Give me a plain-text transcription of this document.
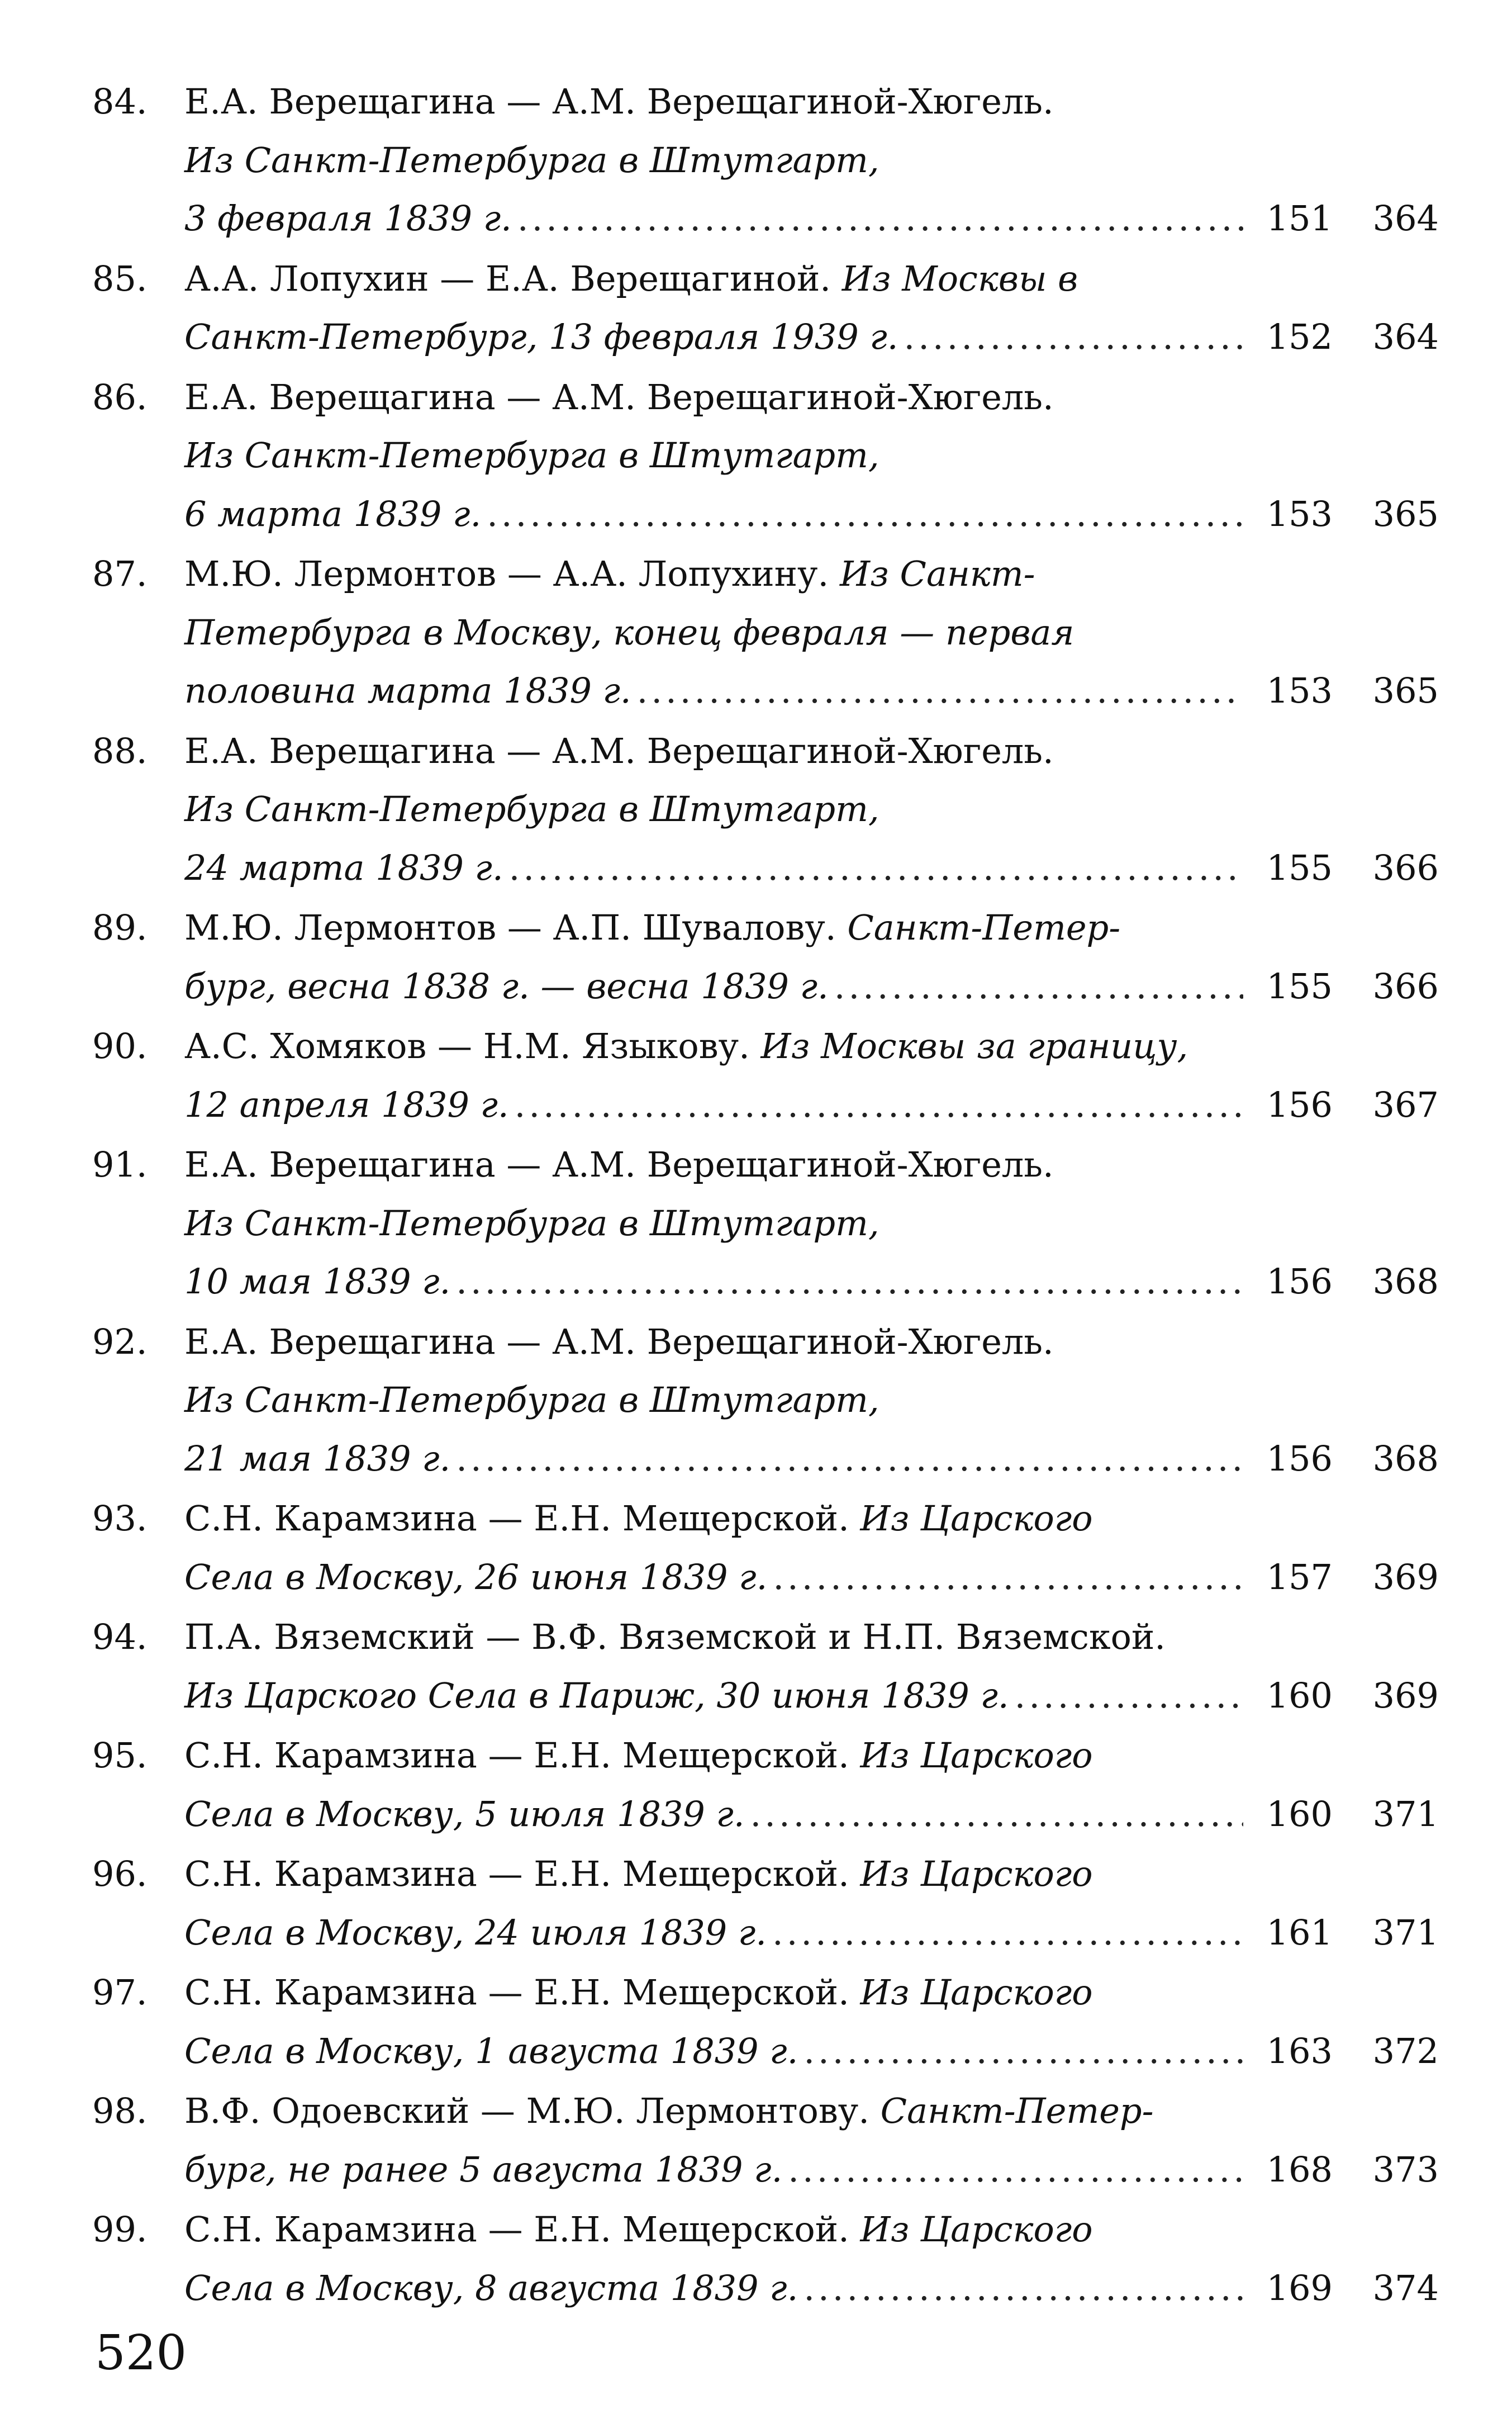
84.	Е.А. Верещагина — А.М. Верещагиной-Хюгель.
Из Санкт-Петербурга в Штутгарт,
3 февраля 1839 г. .....	151	364
85.	А.А. Лопухин — Е.А. Верещагиной. Из Москвы в
Санкт-Петербург, 13 февраля 1939 г. .....	152	364
86.	Е.А. Верещагина — А.М. Верещагиной-Хюгель.
Из Санкт-Петербурга в Штутгарт,
6 марта 1839 г. .....	153	365
87.	М.Ю. Лермонтов — А.А. Лопухину. Из Санкт-
Петербурга в Москву, конец февраля — первая
половина марта 1839 г. .....	153	365
88.	Е.А. Верещагина — А.М. Верещагиной-Хюгель.
Из Санкт-Петербурга в Штутгарт,
24 марта 1839 г. .....	155	366
89.	М.Ю. Лермонтов — А.П. Шувалову. Санкт-Петер-
бург, весна 1838 г. — весна 1839 г. .....	155	366
90.	А.С. Хомяков — Н.М. Языкову. Из Москвы за границу,
12 апреля 1839 г. .....	156	367
91.	Е.А. Верещагина — А.М. Верещагиной-Хюгель.
Из Санкт-Петербурга в Штутгарт,
10 мая 1839 г. .....	156	368
92.	Е.А. Верещагина — А.М. Верещагиной-Хюгель.
Из Санкт-Петербурга в Штутгарт,
21 мая 1839 г. .....	156	368
93.	С.Н. Карамзина — Е.Н. Мещерской. Из Царского
Села в Москву, 26 июня 1839 г. .....	157	369
94.	П.А. Вяземский — В.Ф. Вяземской и Н.П. Вяземской.
Из Царского Села в Париж, 30 июня 1839 г. .....	160	369
95.	С.Н. Карамзина — Е.Н. Мещерской. Из Царского
Села в Москву, 5 июля 1839 г. .....	160	371
96.	С.Н. Карамзина — Е.Н. Мещерской. Из Царского
Села в Москву, 24 июля 1839 г. .....	161	371
97.	С.Н. Карамзина — Е.Н. Мещерской. Из Царского
Села в Москву, 1 августа 1839 г. .....	163	372
98.	В.Ф. Одоевский — М.Ю. Лермонтову. Санкт-Петер-
бург, не ранее 5 августа 1839 г. .....	168	373
99.	С.Н. Карамзина — Е.Н. Мещерской. Из Царского
Села в Москву, 8 августа 1839 г. .....	169	374
520
